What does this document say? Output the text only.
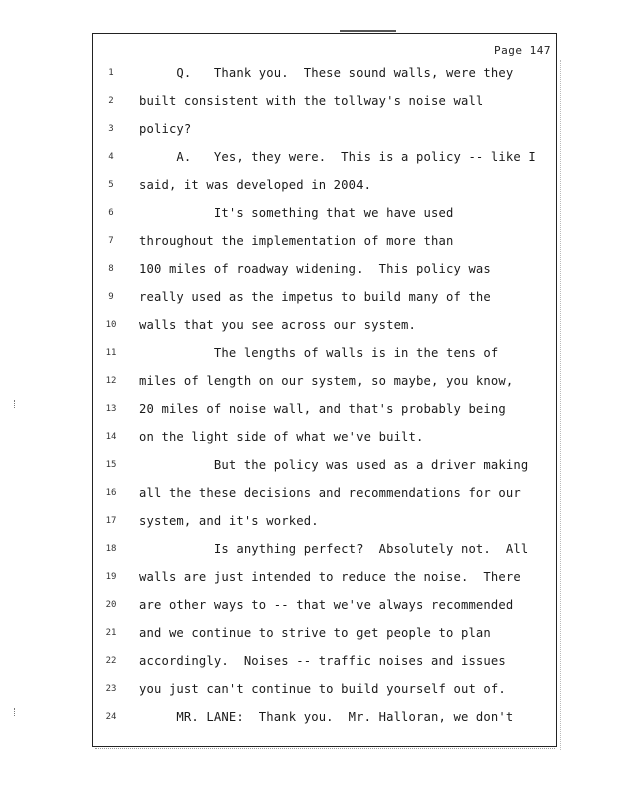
Page 147
1	Q.   Thank you.  These sound walls, were they
2	built consistent with the tollway's noise wall
3	policy?
4	A.   Yes, they were.  This is a policy -- like I
5	said, it was developed in 2004.
6	It's something that we have used
7	throughout the implementation of more than
8	100 miles of roadway widening.  This policy was
9	really used as the impetus to build many of the
10	walls that you see across our system.
11	The lengths of walls is in the tens of
12	miles of length on our system, so maybe, you know,
13	20 miles of noise wall, and that's probably being
14	on the light side of what we've built.
15	But the policy was used as a driver making
16	all the these decisions and recommendations for our
17	system, and it's worked.
18	Is anything perfect?  Absolutely not.  All
19	walls are just intended to reduce the noise.  There
20	are other ways to -- that we've always recommended
21	and we continue to strive to get people to plan
22	accordingly.  Noises -- traffic noises and issues
23	you just can't continue to build yourself out of.
24	MR. LANE:  Thank you.  Mr. Halloran, we don't
